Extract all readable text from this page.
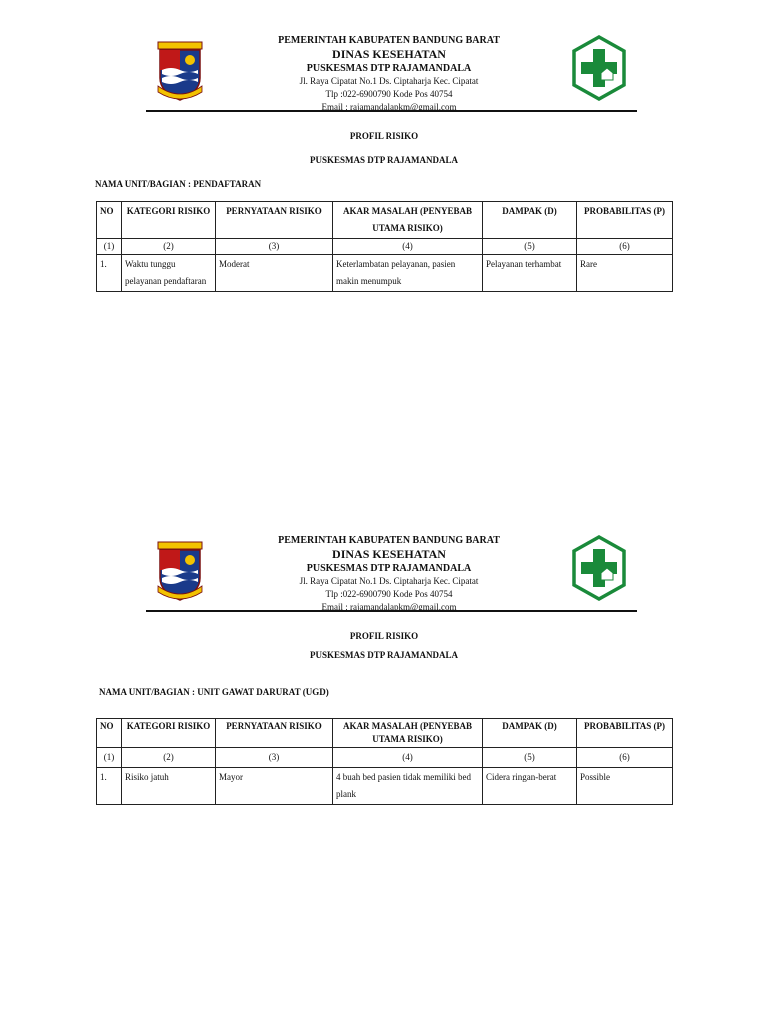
PEMERINTAH KABUPATEN BANDUNG BARAT
DINAS KESEHATAN
PUSKESMAS DTP RAJAMANDALA
Jl. Raya Cipatat No.1 Ds. Ciptaharja Kec. Cipatat
Tlp :022-6900790 Kode Pos 40754
Email : rajamandalapkm@gmail.com
PROFIL RISIKO
PUSKESMAS DTP RAJAMANDALA
NAMA UNIT/BAGIAN : PENDAFTARAN
NO	KATEGORI RISIKO	PERNYATAAN RISIKO	AKAR MASALAH (PENYEBAB UTAMA RISIKO)	DAMPAK (D)	PROBABILITAS (P)
(1)	(2)	(3)	(4)	(5)	(6)
1.	Waktu tunggu pelayanan pendaftaran	Moderat	Keterlambatan pelayanan, pasien makin menumpuk	Pelayanan terhambat	Rare
PEMERINTAH KABUPATEN BANDUNG BARAT
DINAS KESEHATAN
PUSKESMAS DTP RAJAMANDALA
Jl. Raya Cipatat No.1 Ds. Ciptaharja Kec. Cipatat
Tlp :022-6900790 Kode Pos 40754
Email : rajamandalapkm@gmail.com
PROFIL RISIKO
PUSKESMAS DTP RAJAMANDALA
NAMA UNIT/BAGIAN : UNIT GAWAT DARURAT (UGD)
NO	KATEGORI RISIKO	PERNYATAAN RISIKO	AKAR MASALAH (PENYEBAB UTAMA RISIKO)	DAMPAK (D)	PROBABILITAS (P)
(1)	(2)	(3)	(4)	(5)	(6)
1.	Risiko jatuh	Mayor	4 buah bed pasien tidak memiliki bed plank	Cidera ringan-berat	Possible
